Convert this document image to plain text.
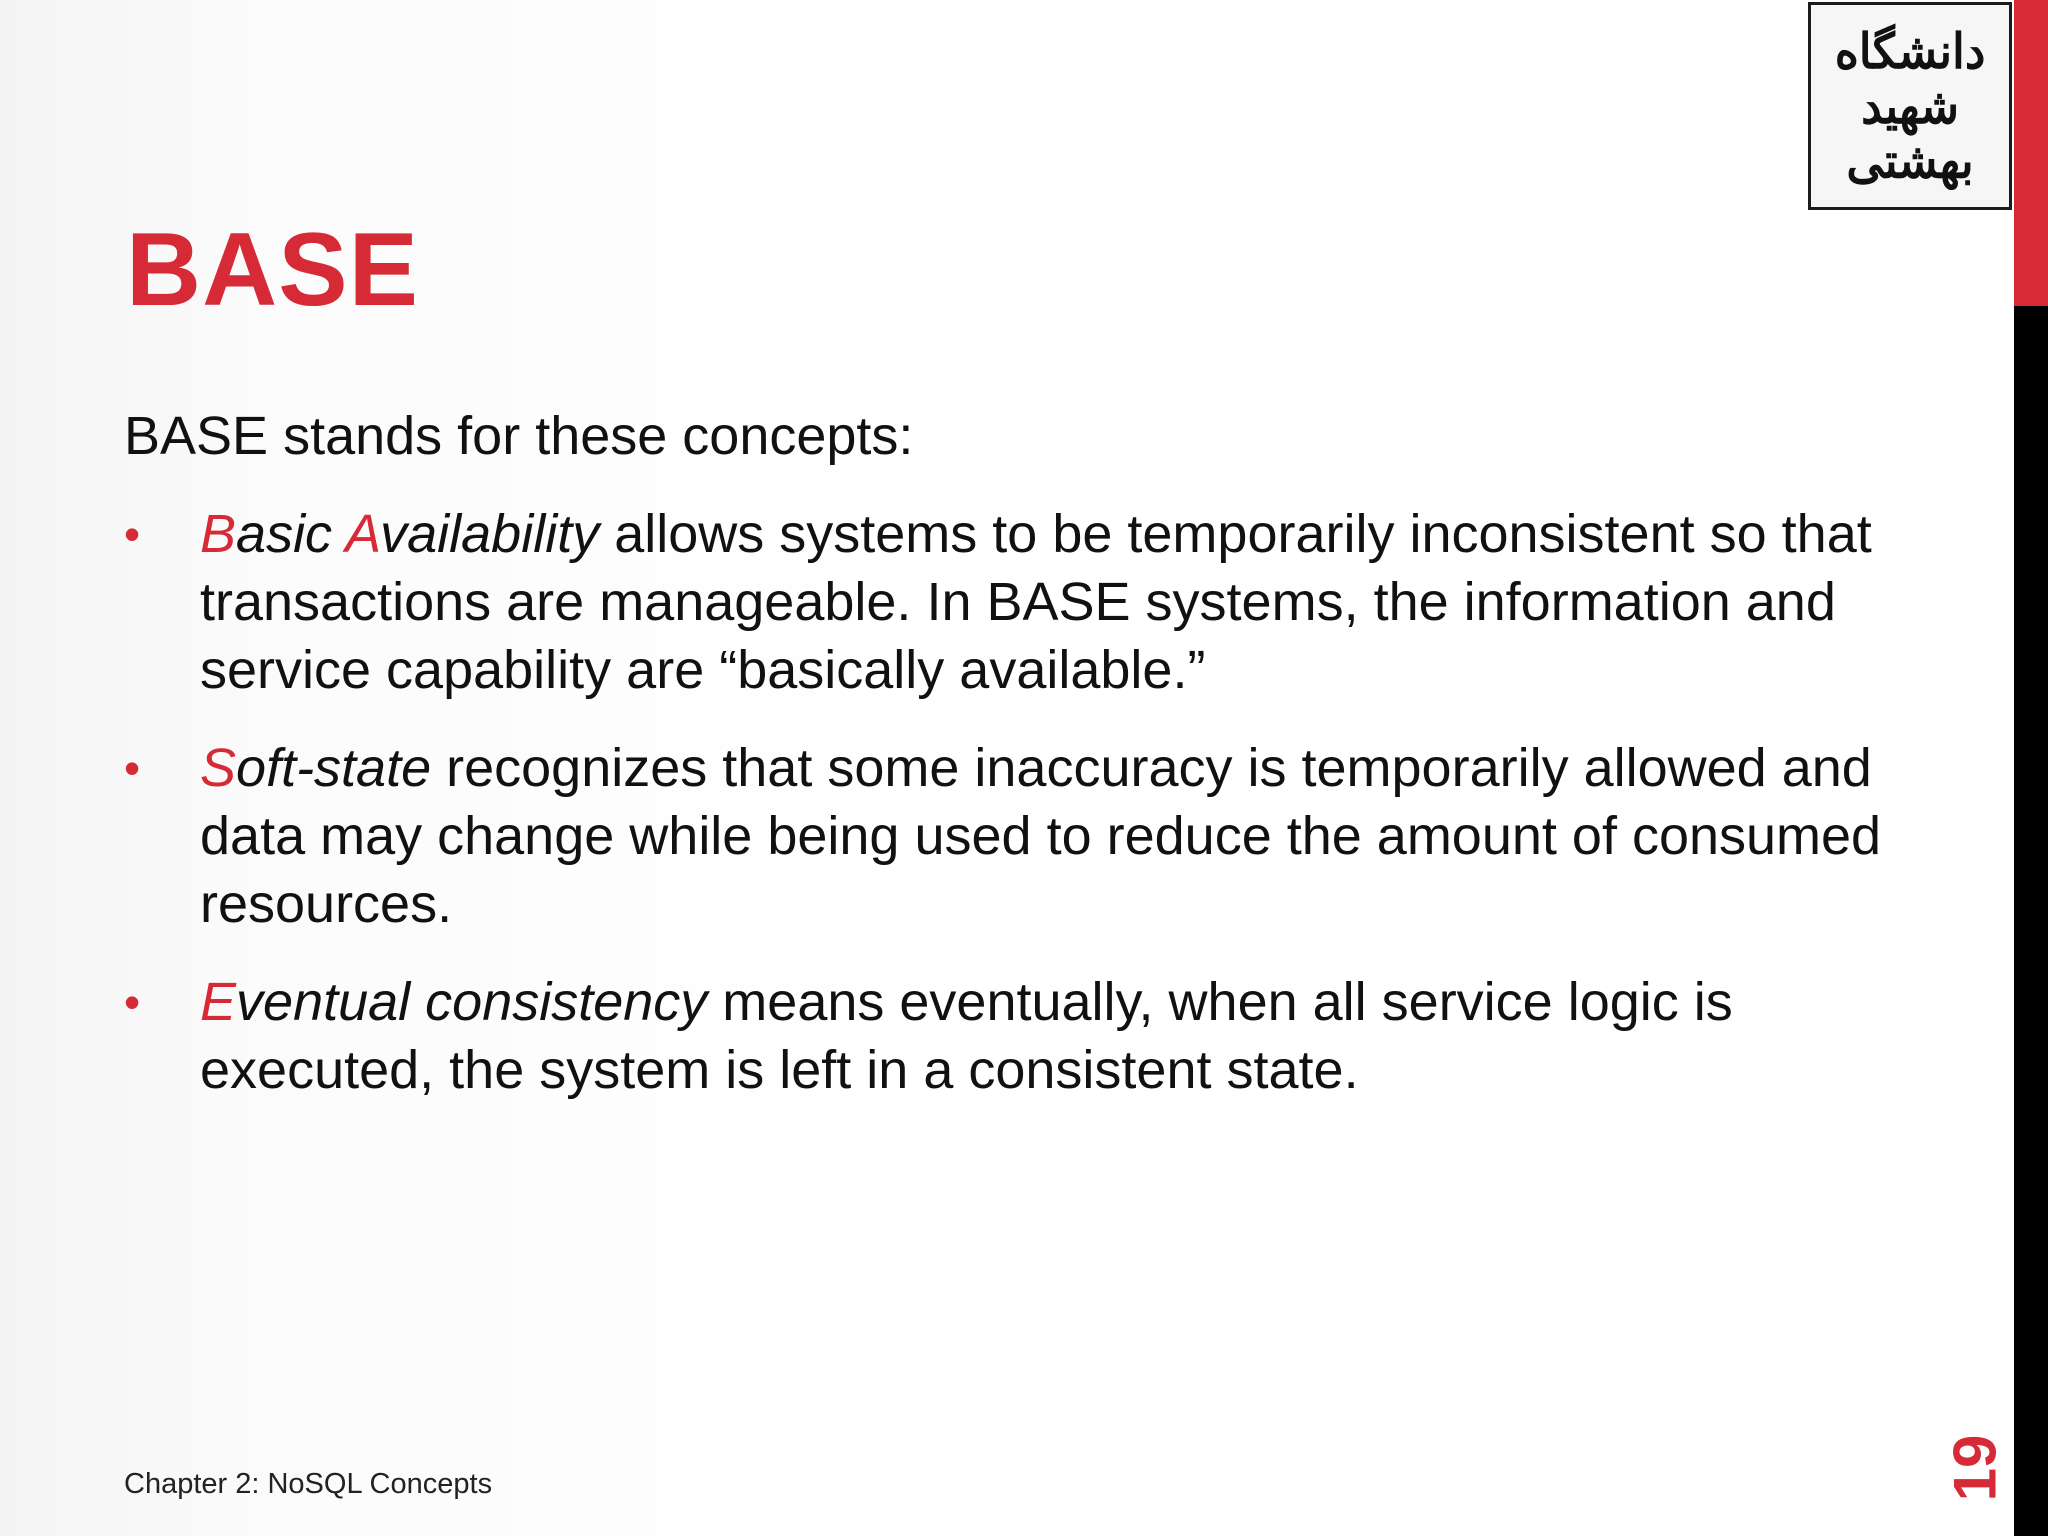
دانشگاه شهید بهشتی
BASE

BASE stands for these concepts:

•	Basic Availability allows systems to be temporarily inconsistent so that transactions are manageable. In BASE systems, the information and service capability are “basically available.”
•	Soft-state recognizes that some inaccuracy is temporarily allowed and data may change while being used to reduce the amount of consumed resources.
•	Eventual consistency means eventually, when all service logic is executed, the system is left in a consistent state.
Chapter 2: NoSQL Concepts	19
